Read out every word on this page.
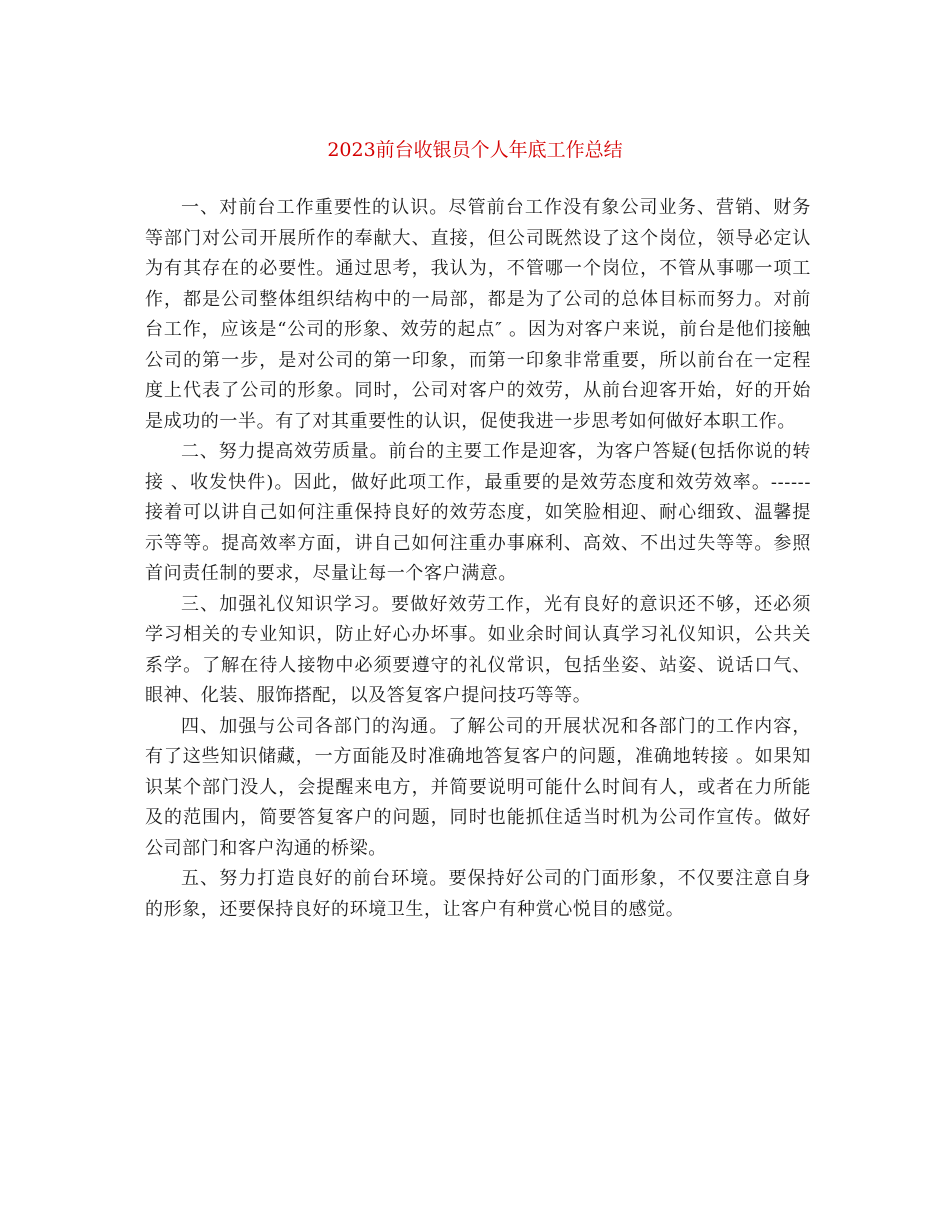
2023前台收银员个人年底工作总结

一、对前台工作重要性的认识。尽管前台工作没有象公司业务、营销、财务等部门对公司开展所作的奉献大、直接，但公司既然设了这个岗位，领导必定认为有其存在的必要性。通过思考，我认为，不管哪一个岗位，不管从事哪一项工作，都是公司整体组织结构中的一局部，都是为了公司的总体目标而努力。对前台工作，应该是“公司的形象、效劳的起点″ 。因为对客户来说，前台是他们接触公司的第一步，是对公司的第一印象，而第一印象非常重要，所以前台在一定程度上代表了公司的形象。同时，公司对客户的效劳，从前台迎客开始，好的开始是成功的一半。有了对其重要性的认识，促使我进一步思考如何做好本职工作。

二、努力提高效劳质量。前台的主要工作是迎客，为客户答疑(包括你说的转接 、收发快件)。因此，做好此项工作，最重要的是效劳态度和效劳效率。------接着可以讲自己如何注重保持良好的效劳态度，如笑脸相迎、耐心细致、温馨提示等等。提高效率方面，讲自己如何注重办事麻利、高效、不出过失等等。参照首问责任制的要求，尽量让每一个客户满意。

三、加强礼仪知识学习。要做好效劳工作，光有良好的意识还不够，还必须学习相关的专业知识，防止好心办坏事。如业余时间认真学习礼仪知识，公共关系学。了解在待人接物中必须要遵守的礼仪常识，包括坐姿、站姿、说话口气、眼神、化装、服饰搭配，以及答复客户提问技巧等等。

四、加强与公司各部门的沟通。了解公司的开展状况和各部门的工作内容，有了这些知识储藏，一方面能及时准确地答复客户的问题，准确地转接 。如果知识某个部门没人，会提醒来电方，并简要说明可能什么时间有人，或者在力所能及的范围内，简要答复客户的问题，同时也能抓住适当时机为公司作宣传。做好公司部门和客户沟通的桥梁。

五、努力打造良好的前台环境。要保持好公司的门面形象，不仅要注意自身的形象，还要保持良好的环境卫生，让客户有种赏心悦目的感觉。
